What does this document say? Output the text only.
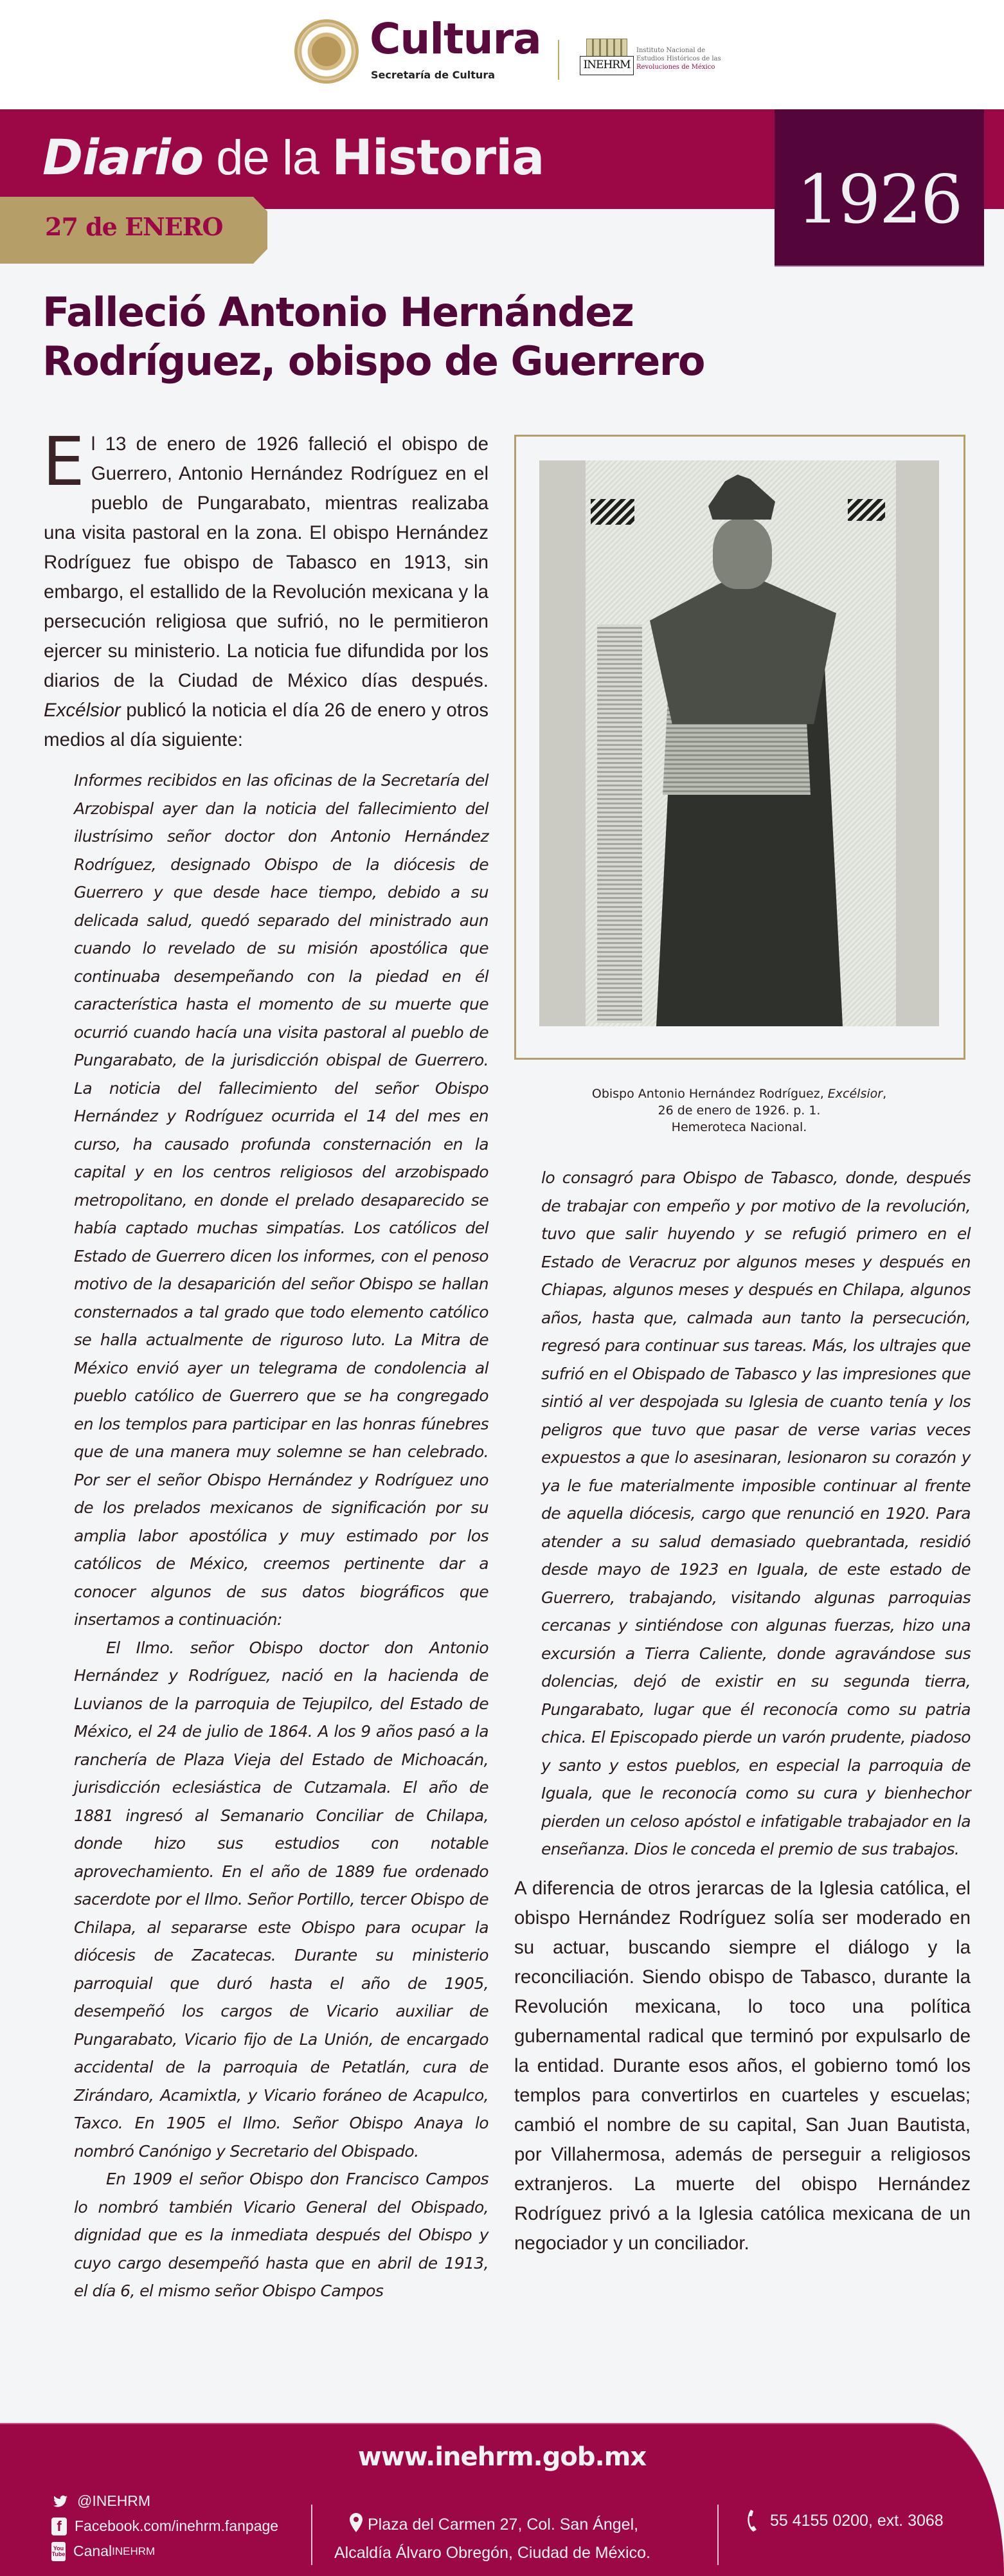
Cultura
Secretaría de Cultura
INEHRM
Instituto Nacional de
Estudios Históricos de las
Revoluciones de México
Diario de la Historia
27 de ENERO	1926
Falleció Antonio Hernández Rodríguez, obispo de Guerrero

El 13 de enero de 1926 falleció el obispo de Guerrero, Antonio Hernández Rodríguez en el pueblo de Pungarabato, mientras realizaba una visita pastoral en la zona. El obispo Hernández Rodríguez fue obispo de Tabasco en 1913, sin embargo, el estallido de la Revolución mexicana y la persecución religiosa que sufrió, no le permitieron ejercer su ministerio. La noticia fue difundida por los diarios de la Ciudad de México días después. Excélsior publicó la noticia el día 26 de enero y otros medios al día siguiente:

Informes recibidos en las oficinas de la Secretaría del Arzobispal ayer dan la noticia del fallecimiento del ilustrísimo señor doctor don Antonio Hernández Rodríguez, designado Obispo de la diócesis de Guerrero y que desde hace tiempo, debido a su delicada salud, quedó separado del ministrado aun cuando lo revelado de su misión apostólica que continuaba desempeñando con la piedad en él característica hasta el momento de su muerte que ocurrió cuando hacía una visita pastoral al pueblo de Pungarabato, de la jurisdicción obispal de Guerrero. La noticia del fallecimiento del señor Obispo Hernández y Rodríguez ocurrida el 14 del mes en curso, ha causado profunda consternación en la capital y en los centros religiosos del arzobispado metropolitano, en donde el prelado desaparecido se había captado muchas simpatías. Los católicos del Estado de Guerrero dicen los informes, con el penoso motivo de la desaparición del señor Obispo se hallan consternados a tal grado que todo elemento católico se halla actualmente de riguroso luto. La Mitra de México envió ayer un telegrama de condolencia al pueblo católico de Guerrero que se ha congregado en los templos para participar en las honras fúnebres que de una manera muy solemne se han celebrado. Por ser el señor Obispo Hernández y Rodríguez uno de los prelados mexicanos de significación por su amplia labor apostólica y muy estimado por los católicos de México, creemos pertinente dar a conocer algunos de sus datos biográficos que insertamos a continuación:
El Ilmo. señor Obispo doctor don Antonio Hernández y Rodríguez, nació en la hacienda de Luvianos de la parroquia de Tejupilco, del Estado de México, el 24 de julio de 1864. A los 9 años pasó a la ranchería de Plaza Vieja del Estado de Michoacán, jurisdicción eclesiástica de Cutzamala. El año de 1881 ingresó al Semanario Conciliar de Chilapa, donde hizo sus estudios con notable aprovechamiento. En el año de 1889 fue ordenado sacerdote por el Ilmo. Señor Portillo, tercer Obispo de Chilapa, al separarse este Obispo para ocupar la diócesis de Zacatecas. Durante su ministerio parroquial que duró hasta el año de 1905, desempeñó los cargos de Vicario auxiliar de Pungarabato, Vicario fijo de La Unión, de encargado accidental de la parroquia de Petatlán, cura de Zirándaro, Acamixtla, y Vicario foráneo de Acapulco, Taxco. En 1905 el Ilmo. Señor Obispo Anaya lo nombró Canónigo y Secretario del Obispado.
En 1909 el señor Obispo don Francisco Campos lo nombró también Vicario General del Obispado, dignidad que es la inmediata después del Obispo y cuyo cargo desempeñó hasta que en abril de 1913, el día 6, el mismo señor Obispo Campos
Obispo Antonio Hernández Rodríguez, Excélsior,
26 de enero de 1926. p. 1.
Hemeroteca Nacional.
lo consagró para Obispo de Tabasco, donde, después de trabajar con empeño y por motivo de la revolución, tuvo que salir huyendo y se refugió primero en el Estado de Veracruz por algunos meses y después en Chiapas, algunos meses y después en Chilapa, algunos años, hasta que, calmada aun tanto la persecución, regresó para continuar sus tareas. Más, los ultrajes que sufrió en el Obispado de Tabasco y las impresiones que sintió al ver despojada su Iglesia de cuanto tenía y los peligros que tuvo que pasar de verse varias veces expuestos a que lo asesinaran, lesionaron su corazón y ya le fue materialmente imposible continuar al frente de aquella diócesis, cargo que renunció en 1920. Para atender a su salud demasiado quebrantada, residió desde mayo de 1923 en Iguala, de este estado de Guerrero, trabajando, visitando algunas parroquias cercanas y sintiéndose con algunas fuerzas, hizo una excursión a Tierra Caliente, donde agravándose sus dolencias, dejó de existir en su segunda tierra, Pungarabato, lugar que él reconocía como su patria chica. El Episcopado pierde un varón prudente, piadoso y santo y estos pueblos, en especial la parroquia de Iguala, que le reconocía como su cura y bienhechor pierden un celoso apóstol e infatigable trabajador en la enseñanza. Dios le conceda el premio de sus trabajos.

A diferencia de otros jerarcas de la Iglesia católica, el obispo Hernández Rodríguez solía ser moderado en su actuar, buscando siempre el diálogo y la reconciliación. Siendo obispo de Tabasco, durante la Revolución mexicana, lo toco una política gubernamental radical que terminó por expulsarlo de la entidad. Durante esos años, el gobierno tomó los templos para convertirlos en cuarteles y escuelas; cambió el nombre de su capital, San Juan Bautista, por Villahermosa, además de perseguir a religiosos extranjeros. La muerte del obispo Hernández Rodríguez privó a la Iglesia católica mexicana de un negociador y un conciliador.

www.inehrm.gob.mx
@INEHRM
f Facebook.com/inehrm.fanpage
You
Tube Canal INEHRM
Plaza del Carmen 27, Col. San Ángel,
Alcaldía Álvaro Obregón, Ciudad de México.
55 4155 0200, ext. 3068
